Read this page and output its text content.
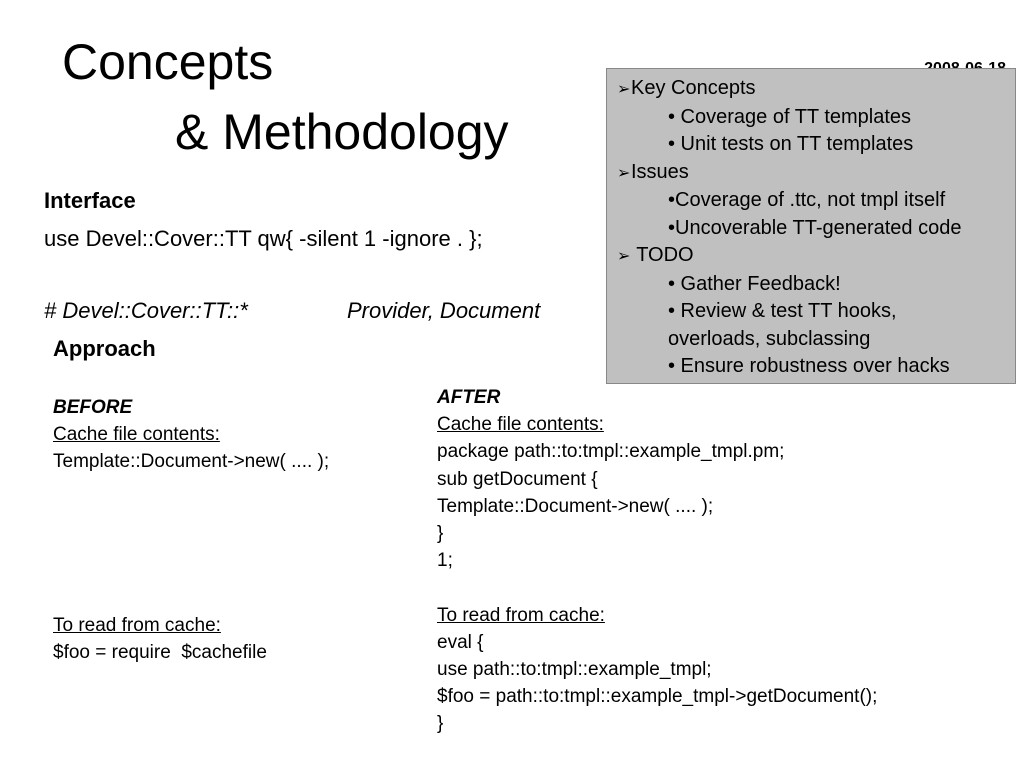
Concepts
& Methodology
➢Key Concepts
• Coverage of TT templates
• Unit tests on TT templates
➢Issues
•Coverage of .ttc, not tmpl itself
•Uncoverable TT-generated code
➢ TODO
• Gather Feedback!
• Review & test TT hooks,
overloads, subclassing
• Ensure robustness over hacks
Interface
use Devel::Cover::TT qw{ -silent 1 -ignore . };
# Devel::Cover::TT::*	Provider, Document
Approach
BEFORE
Cache file contents:
Template::Document->new( .... );
To read from cache:
$foo = require  $cachefile
AFTER
Cache file contents:
package path::to:tmpl::example_tmpl.pm;
sub getDocument {
Template::Document->new( .... );
}
1;
To read from cache:
eval {
use path::to:tmpl::example_tmpl;
$foo = path::to:tmpl::example_tmpl->getDocument();
}
